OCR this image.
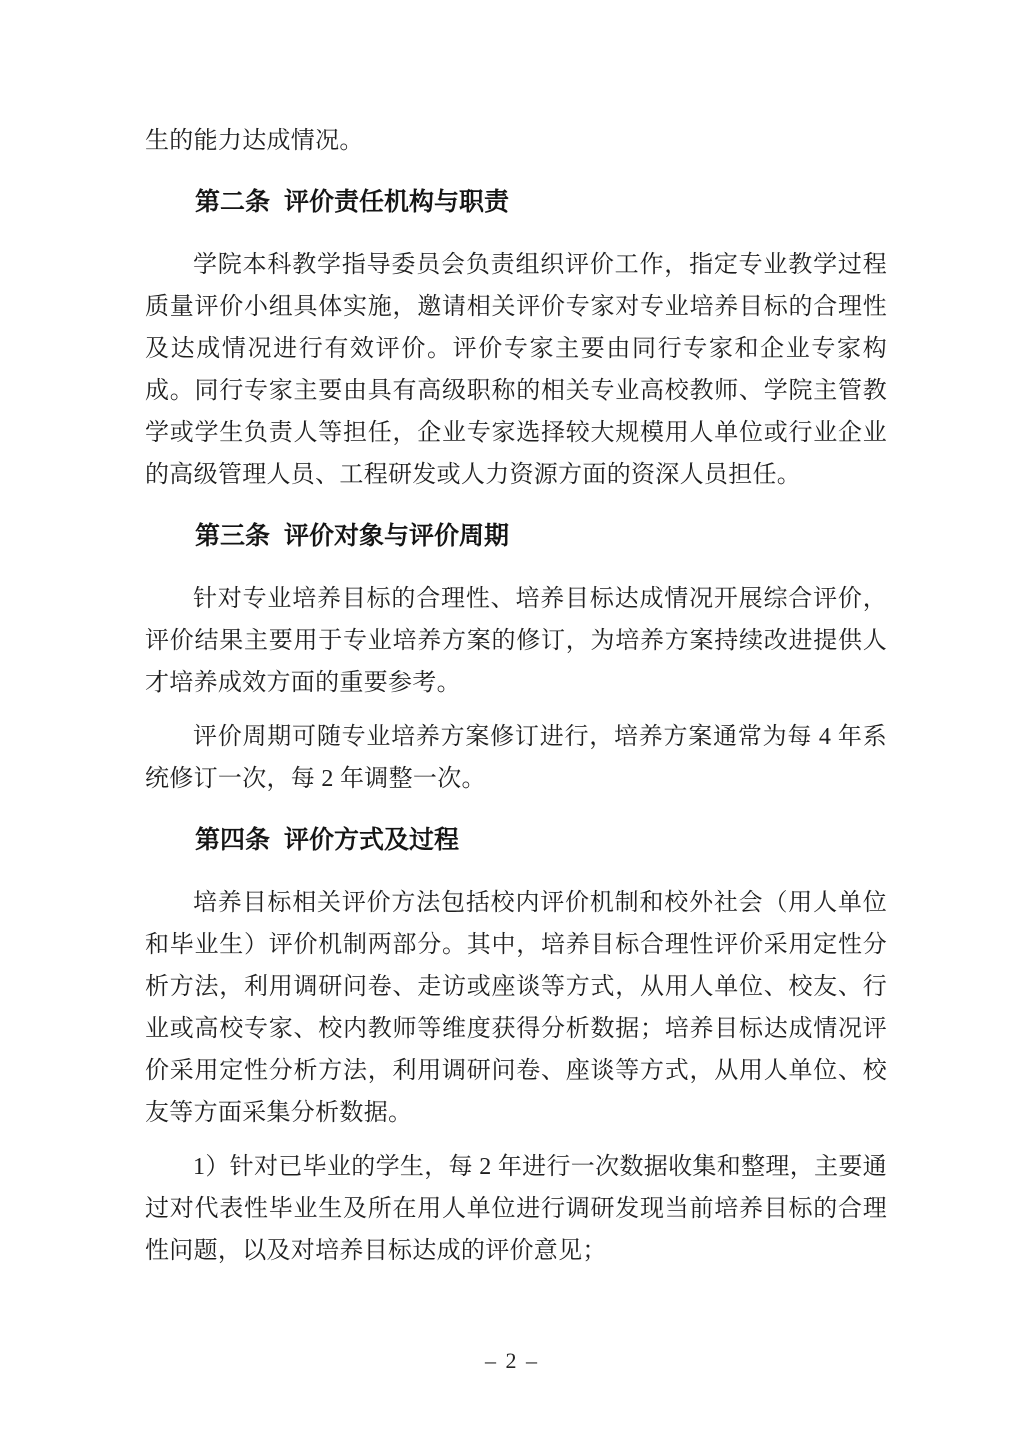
生的能力达成情况。

第二条 评价责任机构与职责

学院本科教学指导委员会负责组织评价工作，指定专业教学过程质量评价小组具体实施，邀请相关评价专家对专业培养目标的合理性及达成情况进行有效评价。评价专家主要由同行专家和企业专家构成。同行专家主要由具有高级职称的相关专业高校教师、学院主管教学或学生负责人等担任，企业专家选择较大规模用人单位或行业企业的高级管理人员、工程研发或人力资源方面的资深人员担任。

第三条 评价对象与评价周期

针对专业培养目标的合理性、培养目标达成情况开展综合评价，评价结果主要用于专业培养方案的修订，为培养方案持续改进提供人才培养成效方面的重要参考。

评价周期可随专业培养方案修订进行，培养方案通常为每 4 年系统修订一次，每 2 年调整一次。

第四条 评价方式及过程

培养目标相关评价方法包括校内评价机制和校外社会（用人单位和毕业生）评价机制两部分。其中，培养目标合理性评价采用定性分析方法，利用调研问卷、走访或座谈等方式，从用人单位、校友、行业或高校专家、校内教师等维度获得分析数据；培养目标达成情况评价采用定性分析方法，利用调研问卷、座谈等方式，从用人单位、校友等方面采集分析数据。

1）针对已毕业的学生，每 2 年进行一次数据收集和整理，主要通过对代表性毕业生及所在用人单位进行调研发现当前培养目标的合理性问题，以及对培养目标达成的评价意见；

– 2 –
